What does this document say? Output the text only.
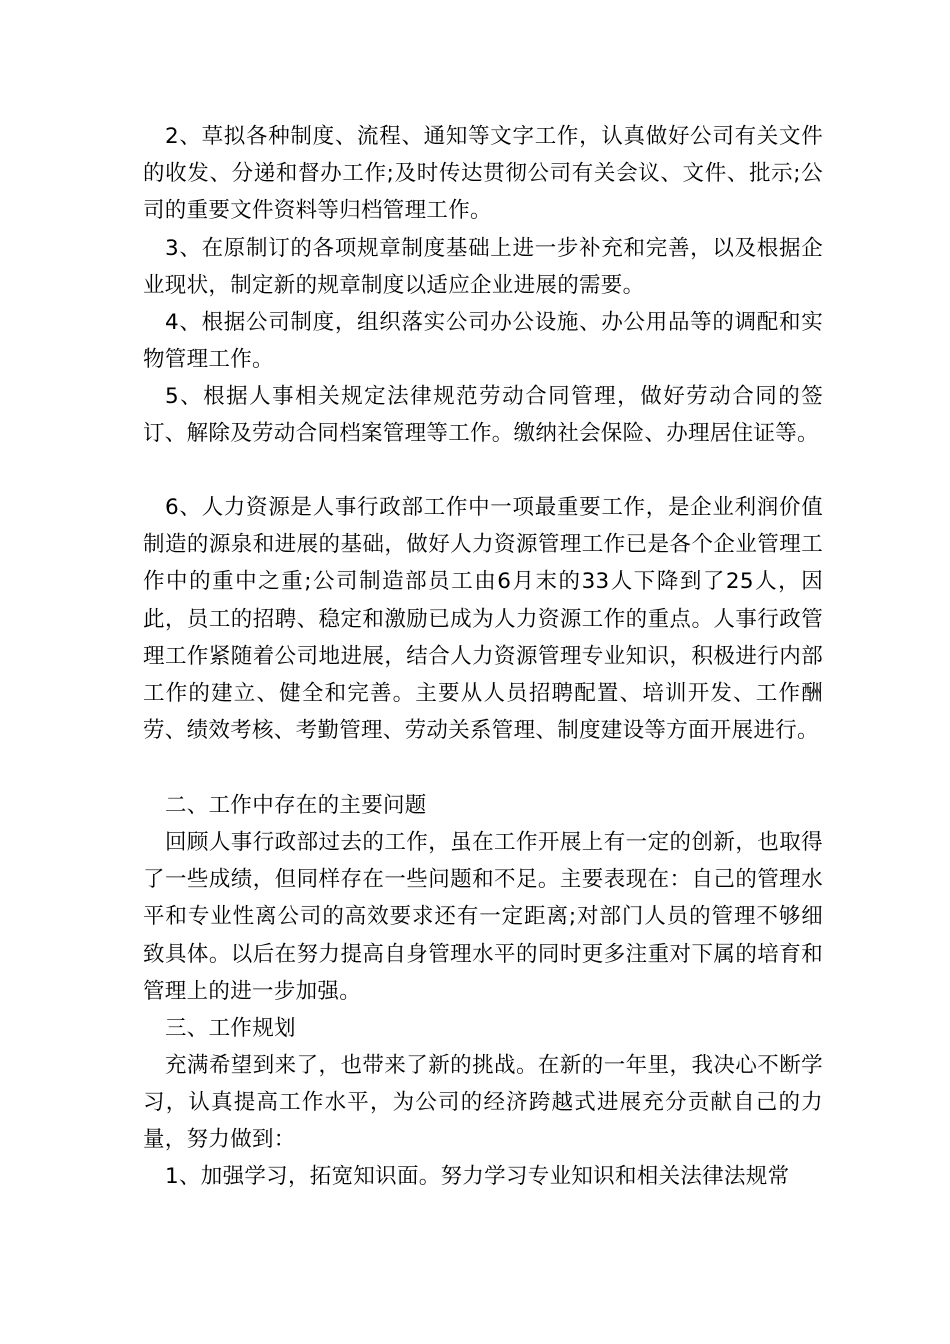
2、草拟各种制度、流程、通知等文字工作，认真做好公司有关文件的收发、分递和督办工作;及时传达贯彻公司有关会议、文件、批示;公司的重要文件资料等归档管理工作。

3、在原制订的各项规章制度基础上进一步补充和完善，以及根据企业现状，制定新的规章制度以适应企业进展的需要。

4、根据公司制度，组织落实公司办公设施、办公用品等的调配和实物管理工作。

5、根据人事相关规定法律规范劳动合同管理，做好劳动合同的签订、解除及劳动合同档案管理等工作。缴纳社会保险、办理居住证等。

6、人力资源是人事行政部工作中一项最重要工作，是企业利润价值制造的源泉和进展的基础，做好人力资源管理工作已是各个企业管理工作中的重中之重;公司制造部员工由6月末的33人下降到了25人，因此，员工的招聘、稳定和激励已成为人力资源工作的重点。人事行政管理工作紧随着公司地进展，结合人力资源管理专业知识，积极进行内部工作的建立、健全和完善。主要从人员招聘配置、培训开发、工作酬劳、绩效考核、考勤管理、劳动关系管理、制度建设等方面开展进行。

二、工作中存在的主要问题

回顾人事行政部过去的工作，虽在工作开展上有一定的创新，也取得了一些成绩，但同样存在一些问题和不足。主要表现在：自己的管理水平和专业性离公司的高效要求还有一定距离;对部门人员的管理不够细致具体。以后在努力提高自身管理水平的同时更多注重对下属的培育和管理上的进一步加强。

三、工作规划

充满希望到来了，也带来了新的挑战。在新的一年里，我决心不断学习，认真提高工作水平，为公司的经济跨越式进展充分贡献自己的力量，努力做到：

1、加强学习，拓宽知识面。努力学习专业知识和相关法律法规常
